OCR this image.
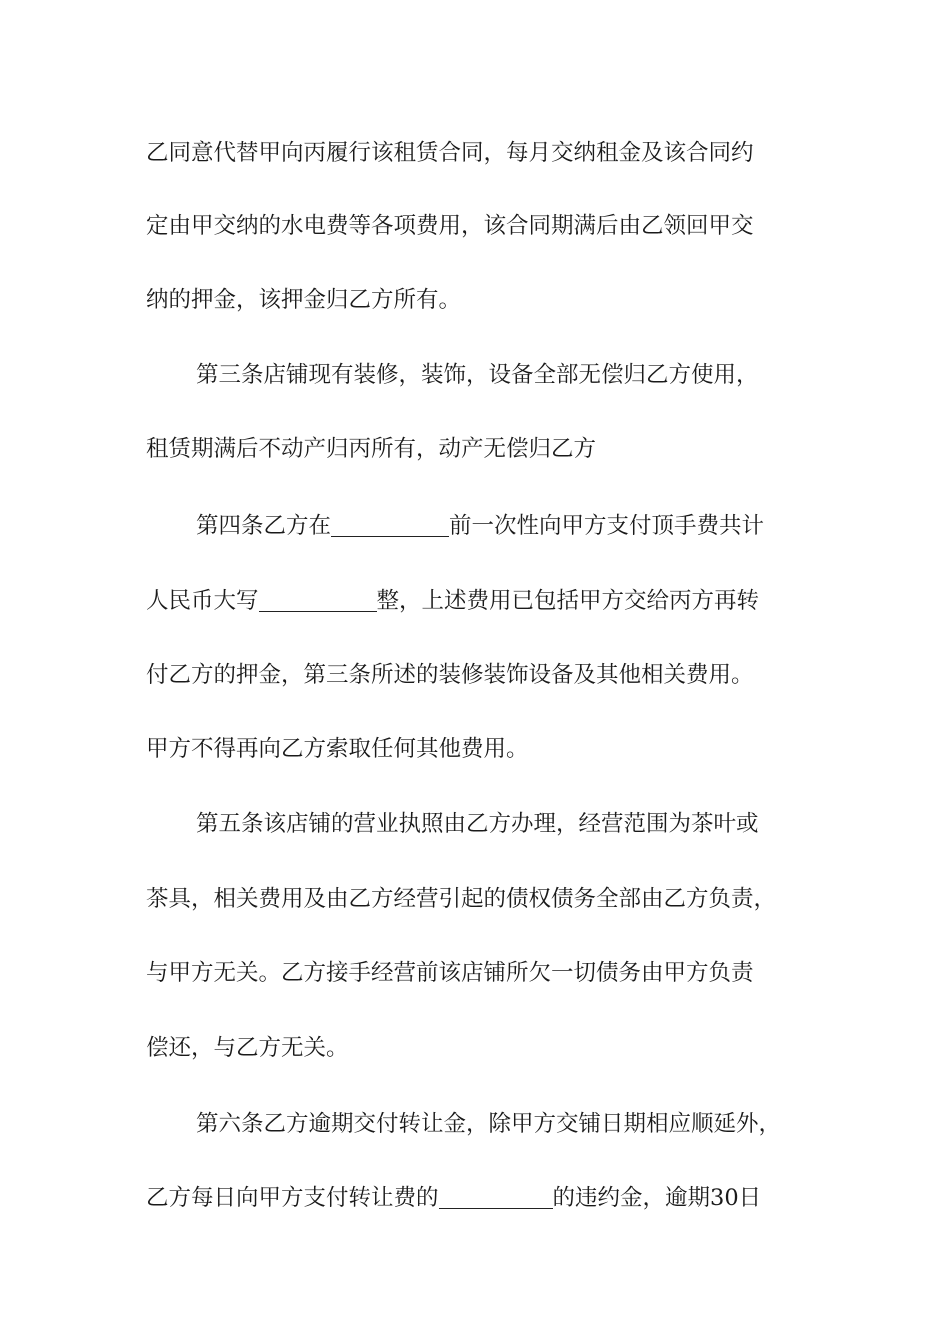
乙同意代替甲向丙履行该租赁合同，每月交纳租金及该合同约
定由甲交纳的水电费等各项费用，该合同期满后由乙领回甲交
纳的押金，该押金归乙方所有。
第三条店铺现有装修，装饰，设备全部无偿归乙方使用，
租赁期满后不动产归丙所有，动产无偿归乙方
第四条乙方在	前一次性向甲方支付顶手费共计
人民币大写	整，上述费用已包括甲方交给丙方再转
付乙方的押金，第三条所述的装修装饰设备及其他相关费用。
甲方不得再向乙方索取任何其他费用。
第五条该店铺的营业执照由乙方办理，经营范围为茶叶或
茶具，相关费用及由乙方经营引起的债权债务全部由乙方负责，
与甲方无关。乙方接手经营前该店铺所欠一切债务由甲方负责
偿还，与乙方无关。
第六条乙方逾期交付转让金，除甲方交铺日期相应顺延外，
乙方每日向甲方支付转让费的	的违约金，逾期30日
